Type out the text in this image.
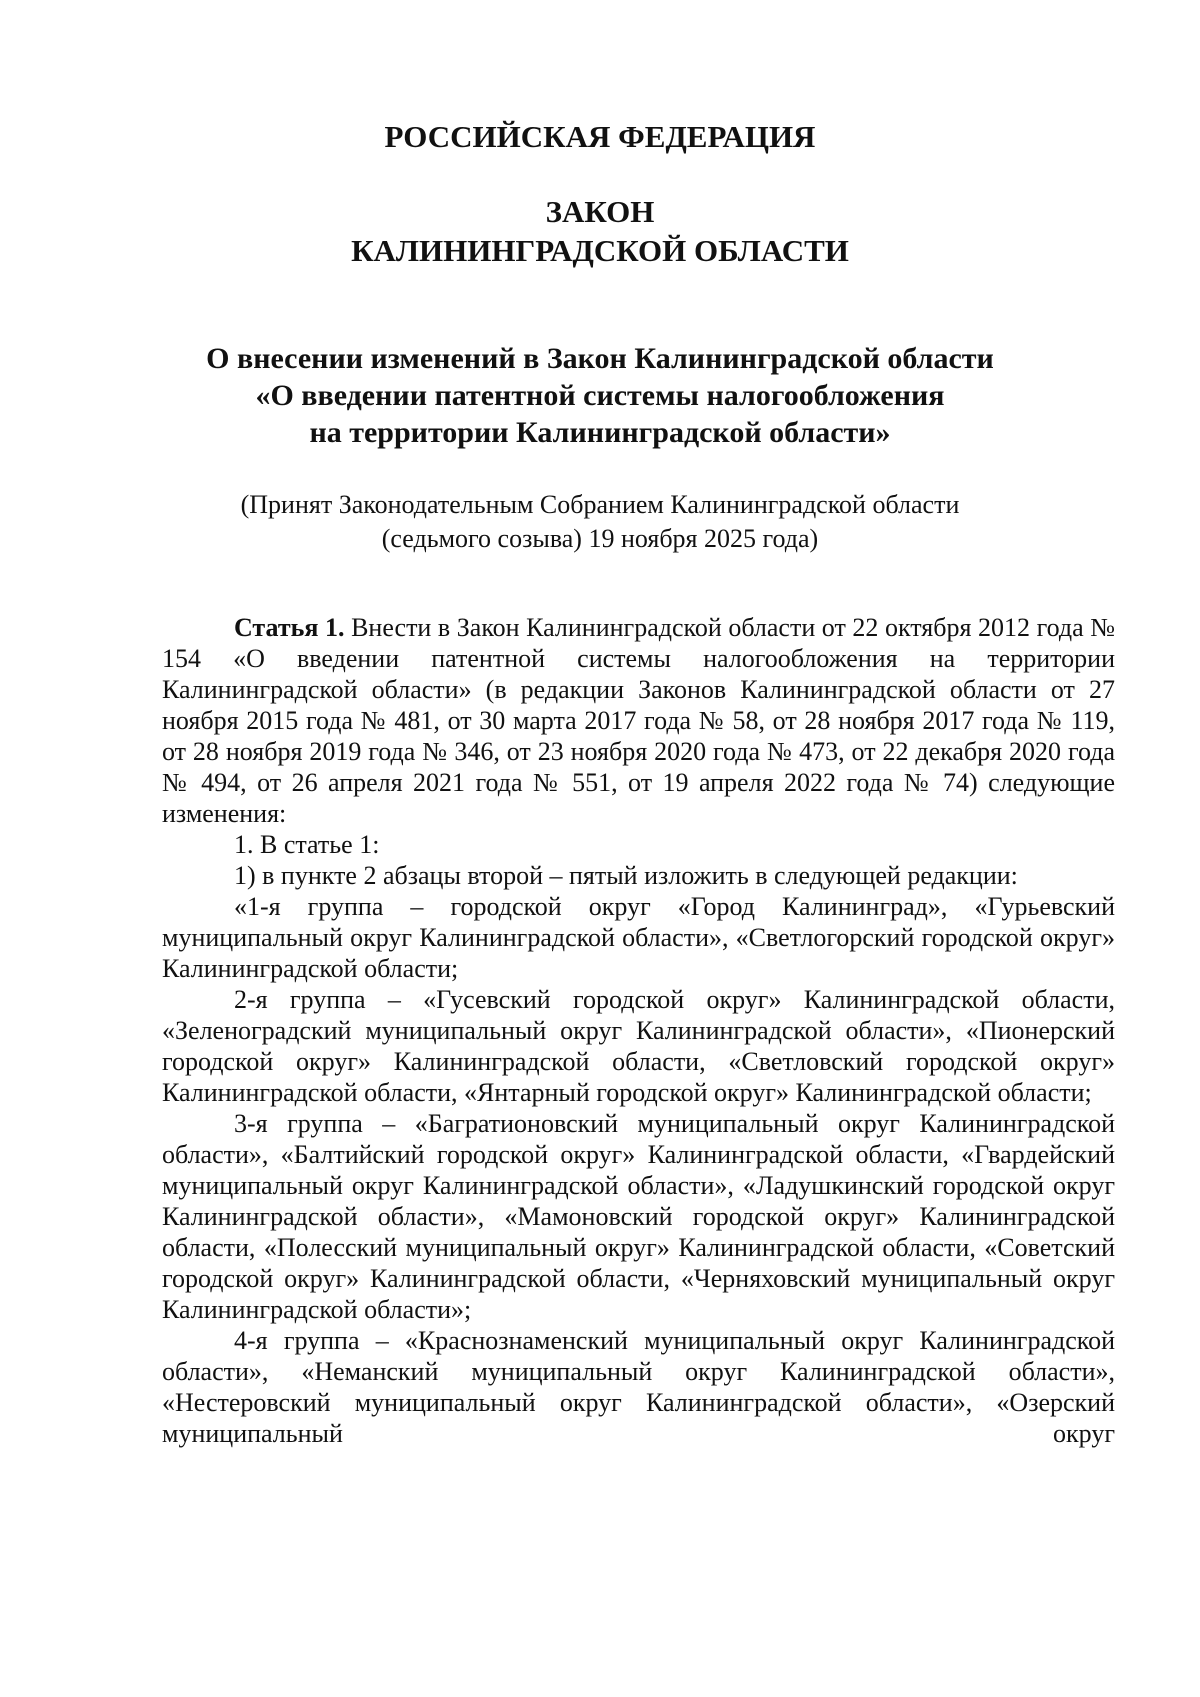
РОССИЙСКАЯ ФЕДЕРАЦИЯ
ЗАКОН
КАЛИНИНГРАДСКОЙ ОБЛАСТИ
О внесении изменений в Закон Калининградской области
«О введении патентной системы налогообложения
на территории Калининградской области»
(Принят Законодательным Собранием Калининградской области
(седьмого созыва) 19 ноября 2025 года)

Статья 1. Внести в Закон Калининградской области от 22 октября 2012 года № 154 «О введении патентной системы налогообложения на территории Калининградской области» (в редакции Законов Калининградской области от 27 ноября 2015 года № 481, от 30 марта 2017 года № 58, от 28 ноября 2017 года № 119, от 28 ноября 2019 года № 346, от 23 ноября 2020 года № 473, от 22 декабря 2020 года № 494, от 26 апреля 2021 года № 551, от 19 апреля 2022 года № 74) следующие изменения:

1. В статье 1:

1) в пункте 2 абзацы второй – пятый изложить в следующей редакции:

«1-я группа – городской округ «Город Калининград», «Гурьевский муниципальный округ Калининградской области», «Светлогорский городской округ» Калининградской области;

2-я группа – «Гусевский городской округ» Калининградской области, «Зеленоградский муниципальный округ Калининградской области», «Пионерский городской округ» Калининградской области, «Светловский городской округ» Калининградской области, «Янтарный городской округ» Калининградской области;

3-я группа – «Багратионовский муниципальный округ Калининградской области», «Балтийский городской округ» Калининградской области, «Гвардейский муниципальный округ Калининградской области», «Ладушкинский городской округ Калининградской области», «Мамоновский городской округ» Калининградской области, «Полесский муниципальный округ» Калининградской области, «Советский городской округ» Калининградской области, «Черняховский муниципальный округ Калининградской области»;

4-я группа – «Краснознаменский муниципальный округ Калининградской области», «Неманский муниципальный округ Калининградской области», «Нестеровский муниципальный округ Калининградской области», «Озерский муниципальный округ
